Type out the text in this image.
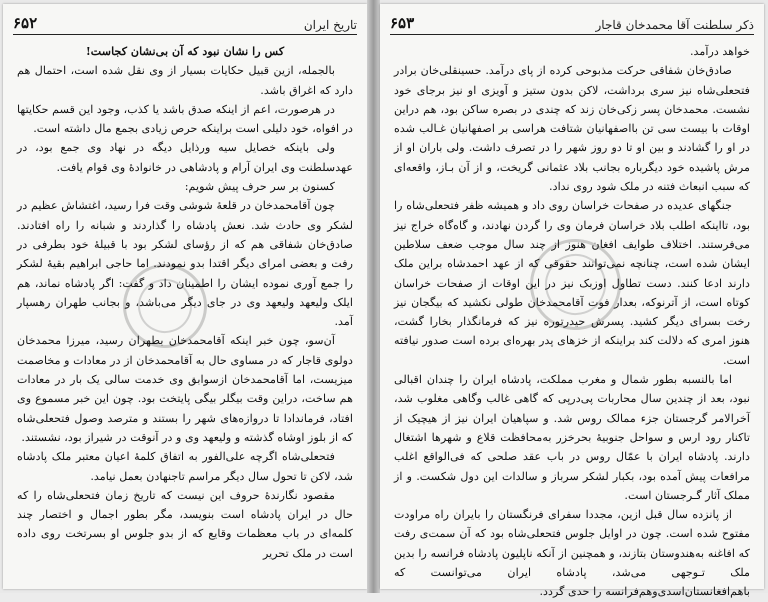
۶۵۲	تاریخ ایران

کس را نشان نبود که آن بی‌نشان کجاست!

بالجمله، ازین قبیل حکایات بسیار از وی نقل شده است، احتمال هم دارد که اغراق باشد.

در هرصورت، اعم از اینکه صدق باشد یا کذب، وجود این قسم حکایتها در افواه، خود دلیلی است براینکه حرص زیادی بجمع مال داشته است.

ولی باینکه خصایل سیه ورذایل دیگه در نهاد وی جمع بود، در عهدسلطنت وی ایران آرام و پادشاهی در خانوادهٔ وی قوام یافت.

کسنون بر سر حرف پیش شویم:

چون آقامحمدخان در قلعهٔ شوشی وقت فرا رسید، اغتشاش عظیم در لشکر وی حادث شد. نعش پادشاه را گذاردند و شبانه را راه افتادند. صادق‌خان شفاقی هم که از رؤسای لشکر بود با قبیلهٔ خود بطرفی در رفت و بعضی امرای دیگر اقتدا بدو نمودند. اما حاجی ابراهیم بقیهٔ لشکر را جمع آوری نموده ایشان را اطمینان داد و گفت: اگر پادشاه نماند، هم ایلک ولیعهد ولیعهد وی در جای دیگر می‌باشد، و بجانب طهران رهسپار آمد.

آن‌سو، چون خبر اینکه آقامحمدخان بطهران رسید، میرزا محمدخان دولوی قاجار که در مساوی حال به آقامحمدخان از در معادات و مخاصمت میزیست، اما آقامحمدخان ازسوابق وی خدمت سالی یک بار در معادات هم ساخت، دراین وقت بیگلر بیگی پایتخت بود. چون این خبر مسموع وی افتاد، فرماندادا تا دروازه‌های شهر را بستند و مترصد وصول فتحعلی‌شاه که از بلوز اوشاه گذشته و ولیعهد وی و در آنوقت در شیراز بود، نشستند.

فتحعلی‌شاه اگرچه علی‌الفور به اتفاق کلمهٔ اعیان معتبر ملک پادشاه شد، لاکن تا تحول سال دیگر مراسم تاجنهادن بعمل نیامد.

مقصود نگارندهٔ حروف این نیست که تاریخ زمان فتحعلی‌شاه را که حال در ایران پادشاه است بنویسد، مگر بطور اجمال و اختصار چند کلمه‌ای در باب معظمات وقایع که از بدو جلوس او بسرتخت روی داده است در ملک تحریر

۶۵۳	ذکر سلطنت آقا محمدخان قاجار

خواهد درآمد.

صادق‌خان شفاقی حرکت مذبوحی کرده از پای درآمد. حسینقلی‌خان برادر فتحعلی‌شاه نیز سری برداشت، لاکن بدون ستیز و آویزی او نیز برجای خود نشست. محمدخان پسر زکی‌خان زند که چندی در بصره ساکن بود، هم دراین اوقات با بیست سی تن بااصفهانیان شتافت هراسی بر اصفهانیان غـالب شده در او را گشادند و بین او تا دو روز شهر را در تصرف داشت. ولی باران او از مرش پاشیده خود دیگرباره بجانب بلاد عثمانی گریخت، و از آن بـاز، واقعه‌ای که سبب انبعاث فتنه در ملک شود روی نداد.

جنگهای عدیده در صفحات خراسان روی داد و همیشه ظفر فتحعلی‌شاه را بود، تااینکه اطلب بلاد خراسان فرمان وی را گردن نهادند، و گاه‌گاه خراج نیز می‌فرستند. اختلاف طوایف افغان هنوز از چند سال موجب ضعف سلاطین ایشان شده است، چنانچه نمی‌توانند حقوقی که از عهد احمدشاه براین ملک دارند ادعا کنند. دست تطاول اوزبک نیز در این اوقات از صفحات خراسان کوتاه است، از آترنوکه، بعدار فوت آقامحمدخان طولی نکشید که بیگجان نیز رخت بسرای دیگر کشید. پسرش حیدرتوره نیز که فرمانگذار بخارا گشت، هنوز امری که دلالت کند براینکه از خزهای پدر بهره‌ای برده است صدور نیافته است.

اما بالنسبه بطور شمال و مغرب مملکت، پادشاه ایران را چندان اقبالی نبود، بعد از چندین سال محاربات پی‌درپی که گاهی غالب وگاهی مغلوب شد، آخرالامر گرجستان جزء ممالک روس شد. و سپاهیان ایران نیز از هیچیک از تاکنار رود ارس و سواحل جنوبیهٔ بحرخزر به‌محافظت قلاع و شهرها اشتغال دارند. پادشاه ایران با عمّال روس در باب عقد صلحی که فی‌الواقع اغلب مرافعات پیش آمده بود، بکبار لشکر سرباز و سالدات این دول شکست. و از مملک آثار گـرجستان است.

از پانزده سال قبل ازین، مجددا سفرای فرنگستان را بایران راه مراودت مفتوح شده است. چون در اوایل جلوس فتحعلی‌شاه بود که آن سمت‌ی رفت که افاغنه به‌هندوستان بتازند، و همچنین از آنکه ناپلیون پادشاه فرانسه را بدین ملک تـوجهی می‌شد، پادشاه ایران می‌توانست که باهم‌افغانستان‌اسدی‌وهم‌فرانسه را حدی گردد.
